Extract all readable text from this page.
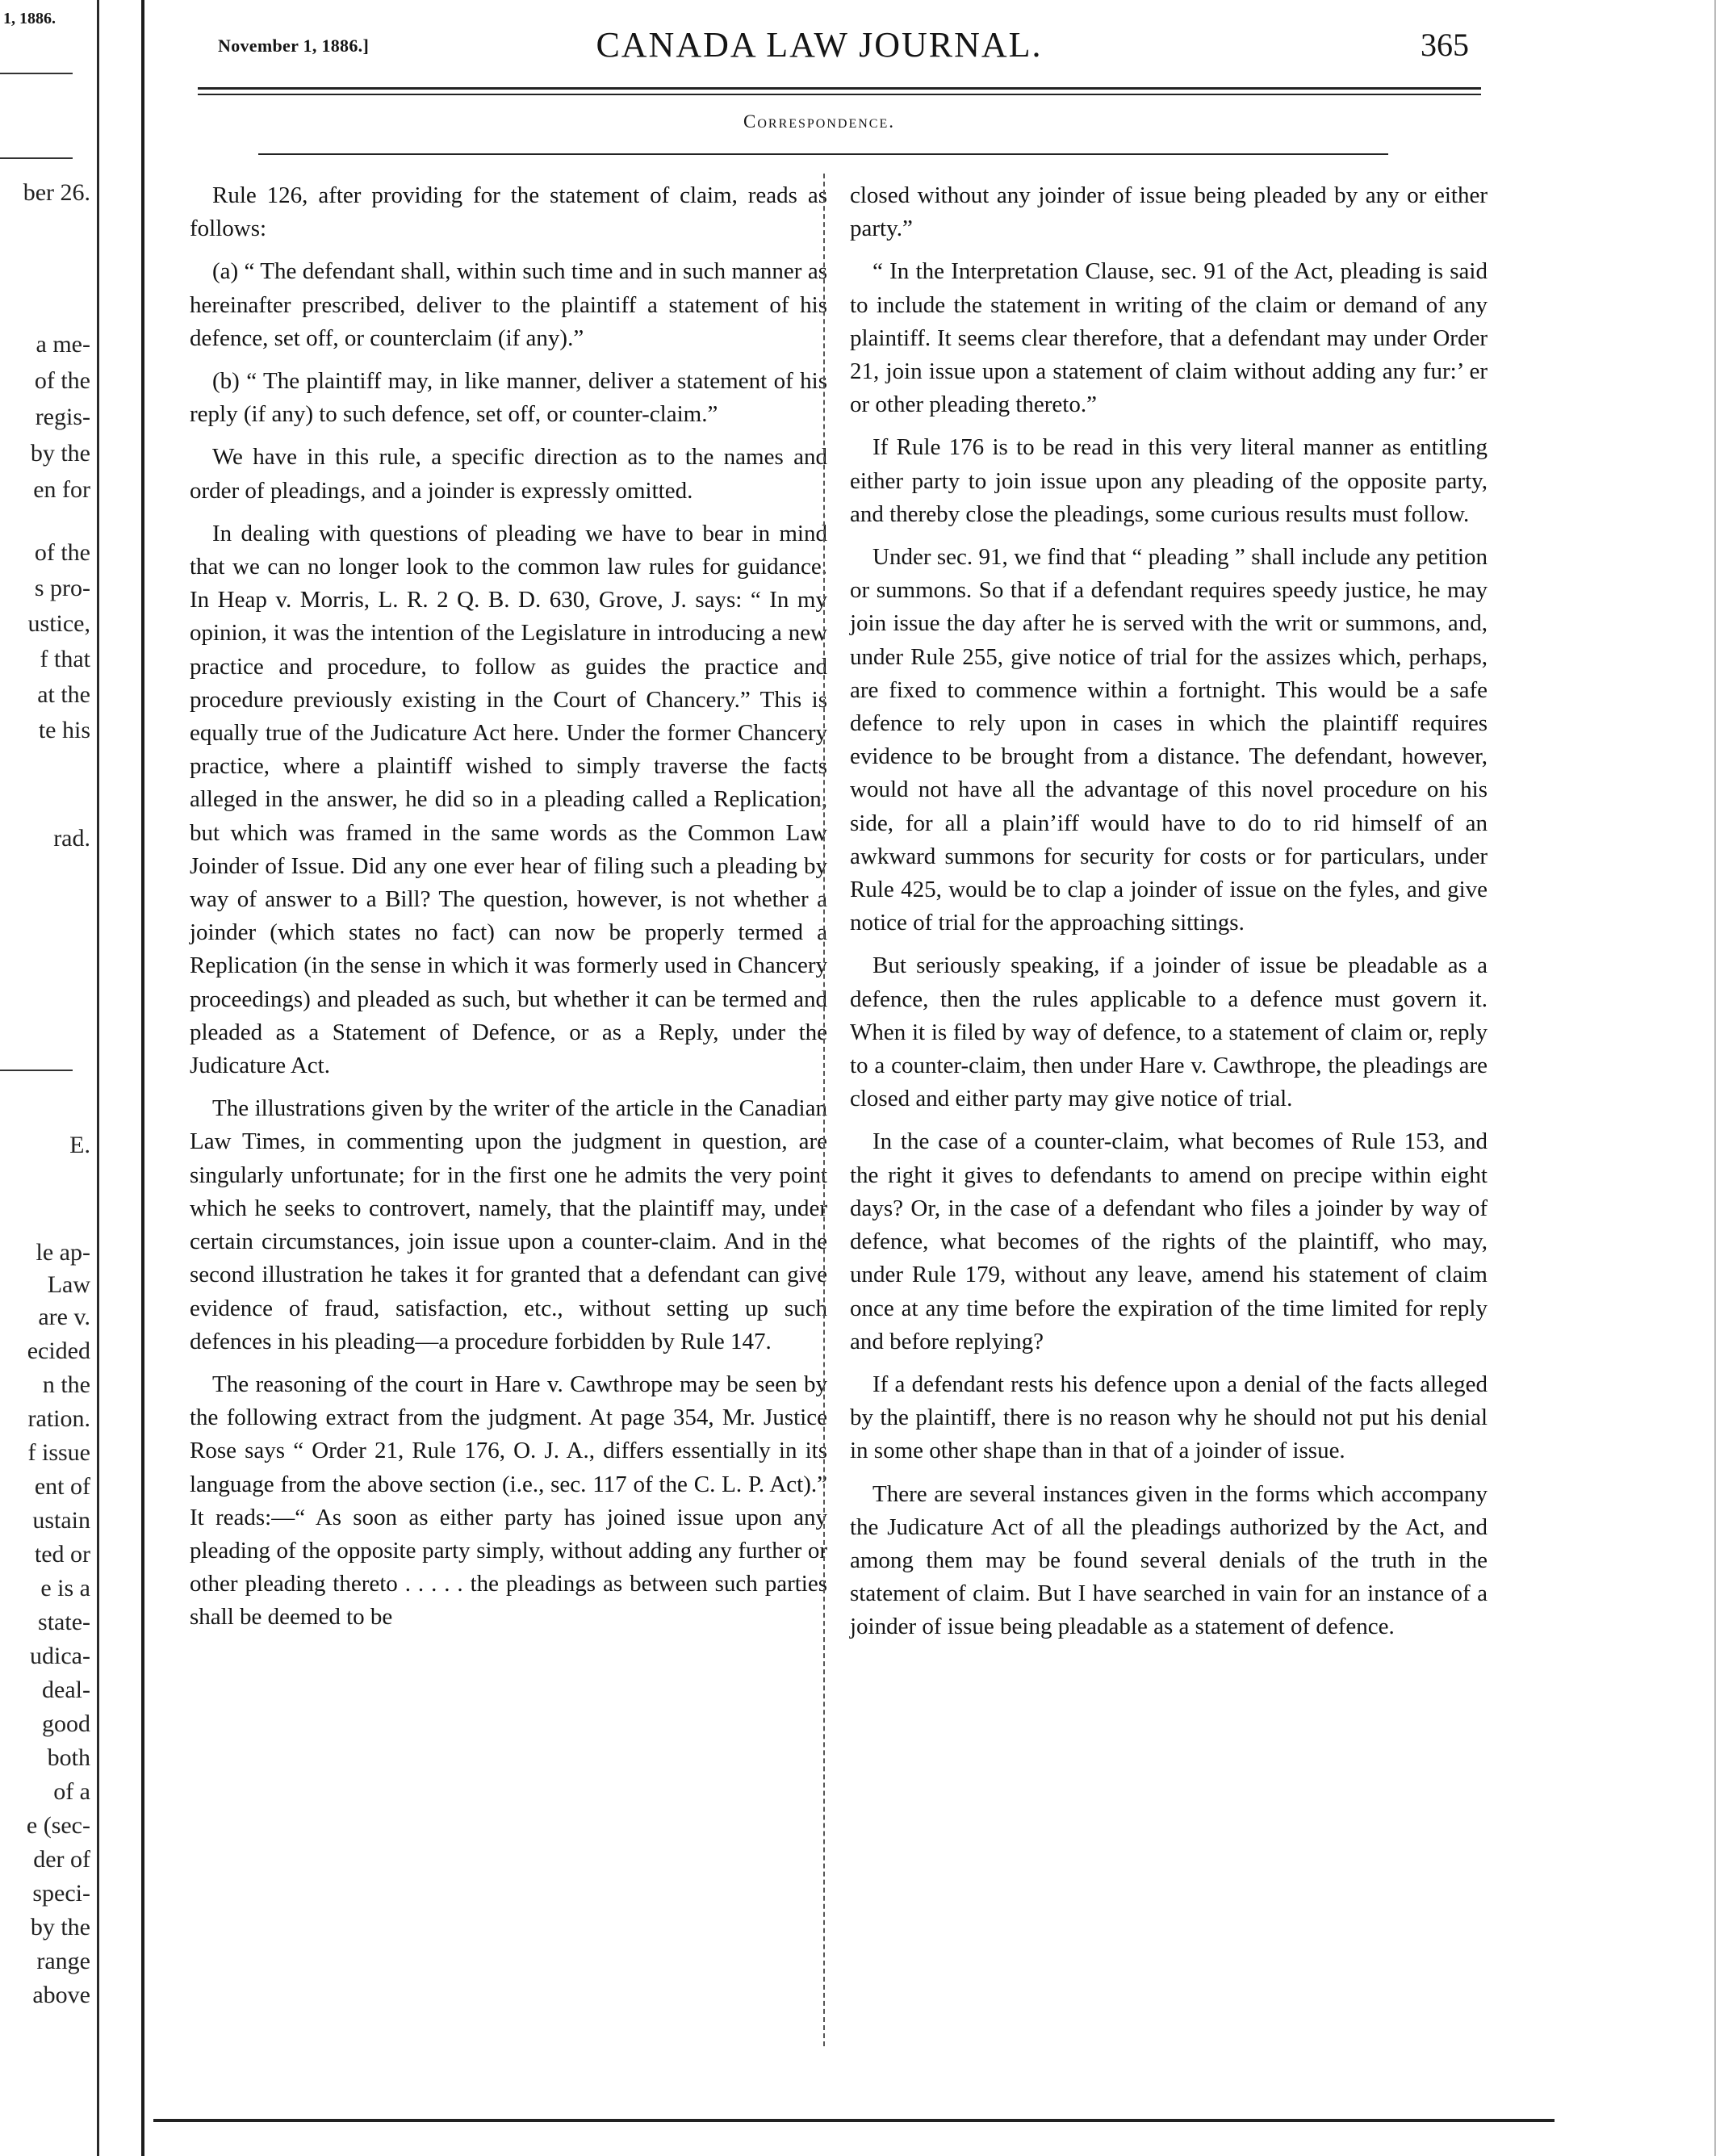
1, 1886.
ber 26.
a me-
of the
regis-
by the
en for
of the
s pro-
ustice,
f that
at the
te his
rad.
E.
le ap-
Law
are v.
ecided
n the
ration.
f issue
ent of
ustain
ted or
e is a
state-
udica-
deal-
good
both
of a
e (sec-
der of
speci-
by the
range
above
November 1, 1886.]	CANADA LAW JOURNAL.	365
Correspondence.

Rule 126, after providing for the statement of claim, reads as follows:

(a) “ The defendant shall, within such time and in such manner as hereinafter prescribed, deliver to the plaintiff a statement of his defence, set off, or counterclaim (if any).”

(b) “ The plaintiff may, in like manner, deliver a statement of his reply (if any) to such defence, set off, or counter-claim.”

We have in this rule, a specific direction as to the names and order of pleadings, and a joinder is expressly omitted.

In dealing with questions of pleading we have to bear in mind that we can no longer look to the common law rules for guidance. In Heap v. Morris, L. R. 2 Q. B. D. 630, Grove, J. says: “ In my opinion, it was the intention of the Legislature in introducing a new practice and procedure, to follow as guides the practice and procedure previously existing in the Court of Chancery.” This is equally true of the Judicature Act here. Under the former Chancery practice, where a plaintiff wished to simply traverse the facts alleged in the answer, he did so in a pleading called a Replication, but which was framed in the same words as the Common Law Joinder of Issue. Did any one ever hear of filing such a pleading by way of answer to a Bill? The question, however, is not whether a joinder (which states no fact) can now be properly termed a Replication (in the sense in which it was formerly used in Chancery proceedings) and pleaded as such, but whether it can be termed and pleaded as a Statement of Defence, or as a Reply, under the Judicature Act.

The illustrations given by the writer of the article in the Canadian Law Times, in commenting upon the judgment in question, are singularly unfortunate; for in the first one he admits the very point which he seeks to controvert, namely, that the plaintiff may, under certain circumstances, join issue upon a counter-claim. And in the second illustration he takes it for granted that a defendant can give evidence of fraud, satisfaction, etc., without setting up such defences in his pleading—a procedure forbidden by Rule 147.

The reasoning of the court in Hare v. Cawthrope may be seen by the following extract from the judgment. At page 354, Mr. Justice Rose says “ Order 21, Rule 176, O. J. A., differs essentially in its language from the above section (i.e., sec. 117 of the C. L. P. Act).” It reads:—“ As soon as either party has joined issue upon any pleading of the opposite party simply, without adding any further or other pleading thereto . . . . . the pleadings as between such parties shall be deemed to be

closed without any joinder of issue being pleaded by any or either party.”

“ In the Interpretation Clause, sec. 91 of the Act, pleading is said to include the statement in writing of the claim or demand of any plaintiff. It seems clear therefore, that a defendant may under Order 21, join issue upon a statement of claim without adding any fur:’ er or other pleading thereto.”

If Rule 176 is to be read in this very literal manner as entitling either party to join issue upon any pleading of the opposite party, and thereby close the pleadings, some curious results must follow.

Under sec. 91, we find that “ pleading ” shall include any petition or summons. So that if a defendant requires speedy justice, he may join issue the day after he is served with the writ or summons, and, under Rule 255, give notice of trial for the assizes which, perhaps, are fixed to commence within a fortnight. This would be a safe defence to rely upon in cases in which the plaintiff requires evidence to be brought from a distance. The defendant, however, would not have all the advantage of this novel procedure on his side, for all a plain’iff would have to do to rid himself of an awkward summons for security for costs or for particulars, under Rule 425, would be to clap a joinder of issue on the fyles, and give notice of trial for the approaching sittings.

But seriously speaking, if a joinder of issue be pleadable as a defence, then the rules applicable to a defence must govern it. When it is filed by way of defence, to a statement of claim or, reply to a counter-claim, then under Hare v. Cawthrope, the pleadings are closed and either party may give notice of trial.

In the case of a counter-claim, what becomes of Rule 153, and the right it gives to defendants to amend on precipe within eight days? Or, in the case of a defendant who files a joinder by way of defence, what becomes of the rights of the plaintiff, who may, under Rule 179, without any leave, amend his statement of claim once at any time before the expiration of the time limited for reply and before replying?

If a defendant rests his defence upon a denial of the facts alleged by the plaintiff, there is no reason why he should not put his denial in some other shape than in that of a joinder of issue.

There are several instances given in the forms which accompany the Judicature Act of all the pleadings authorized by the Act, and among them may be found several denials of the truth in the statement of claim. But I have searched in vain for an instance of a joinder of issue being pleadable as a statement of defence.
